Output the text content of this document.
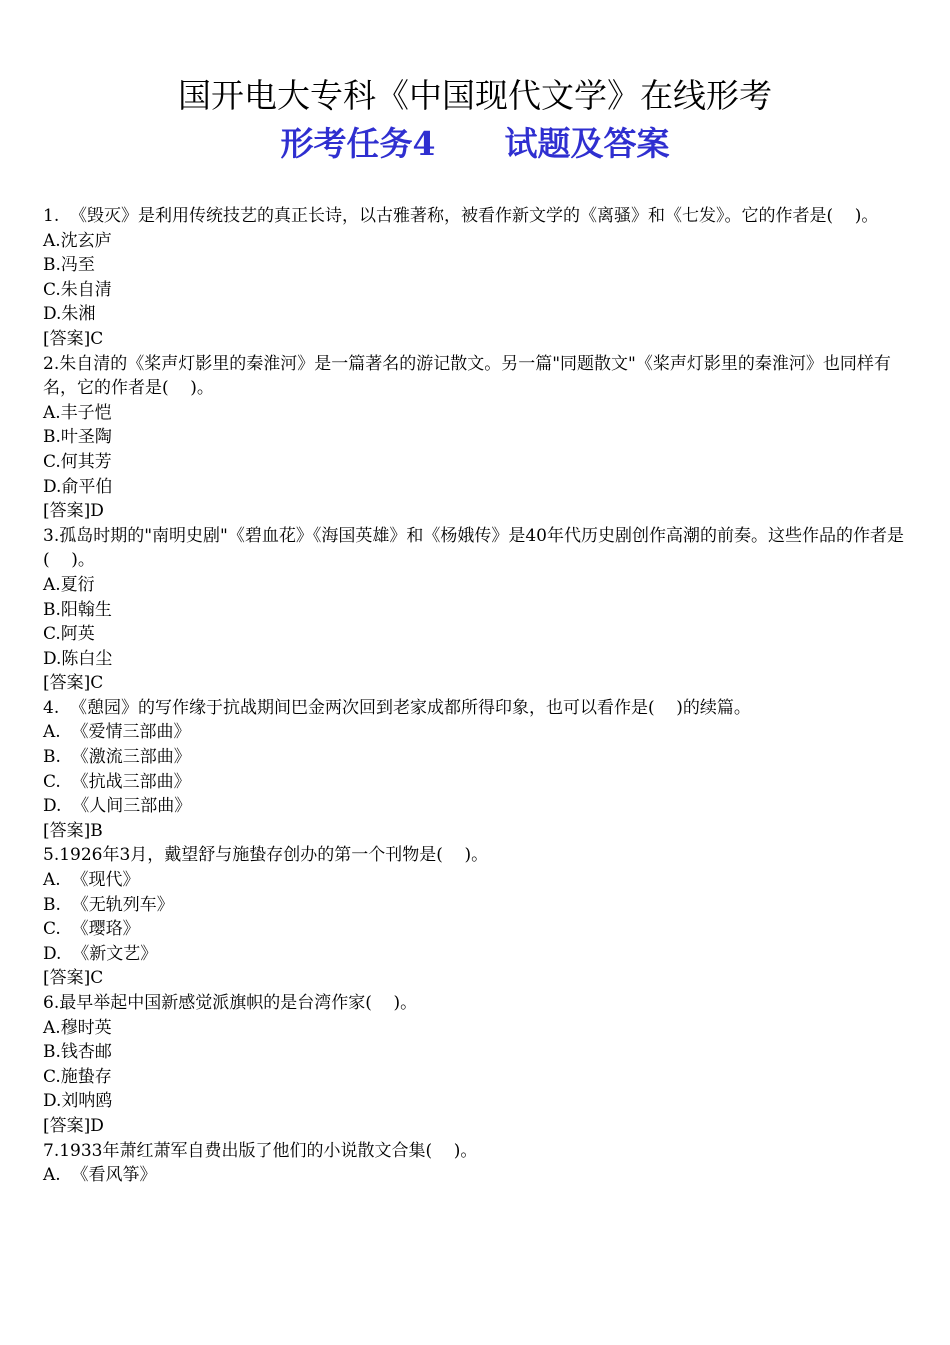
国开电大专科《中国现代文学》在线形考
形考任务4      试题及答案

1.  《毁灭》是利用传统技艺的真正长诗，以古雅著称，被看作新文学的《离骚》和《七发》。它的作者是(    )。

A.沈玄庐

B.冯至

C.朱自清

D.朱湘

[答案]C

2.朱自清的《桨声灯影里的秦淮河》是一篇著名的游记散文。另一篇"同题散文"《桨声灯影里的秦淮河》也同样有名，它的作者是(    )。

A.丰子恺

B.叶圣陶

C.何其芳

D.俞平伯

[答案]D

3.孤岛时期的"南明史剧"《碧血花》《海国英雄》和《杨娥传》是40年代历史剧创作高潮的前奏。这些作品的作者是(    )。

A.夏衍

B.阳翰生

C.阿英

D.陈白尘

[答案]C

4.  《憩园》的写作缘于抗战期间巴金两次回到老家成都所得印象，也可以看作是(    )的续篇。

A.  《爱情三部曲》

B.  《激流三部曲》

C.  《抗战三部曲》

D.  《人间三部曲》

[答案]B

5.1926年3月，戴望舒与施蛰存创办的第一个刊物是(    )。

A.  《现代》

B.  《无轨列车》

C.  《璎珞》

D.  《新文艺》

[答案]C

6.最早举起中国新感觉派旗帜的是台湾作家(    )。

A.穆时英

B.钱杏邮

C.施蛰存

D.刘呐鸥

[答案]D

7.1933年萧红萧军自费出版了他们的小说散文合集(    )。

A.  《看风筝》
